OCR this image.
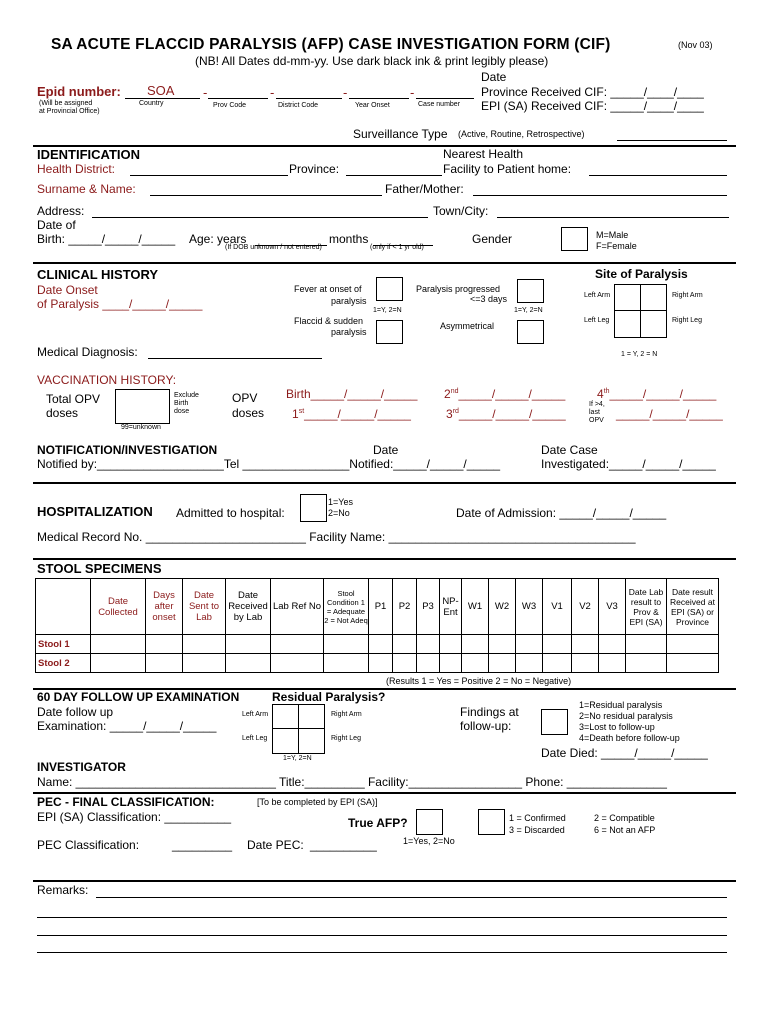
SA ACUTE FLACCID PARALYSIS (AFP) CASE INVESTIGATION FORM (CIF)	(Nov 03)
(NB! All Dates dd-mm-yy. Use dark black ink & print legibly please)
Epid number: SOA -	-	-	-
(Will be assigned
at Provincial Office)
Country	Prov Code	District Code	Year Onset	Case number
Date
Province Received CIF: _____/____/____
EPI (SA) Received CIF: _____/____/____
Surveillance Type (Active, Routine, Retrospective)
IDENTIFICATION	Nearest Health
Health District:	Province:	Facility to Patient home:
Surname & Name:	Father/Mother:
Address:	Town/City:
Date of
Birth: _____/_____/_____ Age: years	months
(If DOB unknown / not entered)	(only if < 1 yr old)
Gender	M=Male
F=Female
CLINICAL HISTORY
Date Onset
of Paralysis ____/_____/_____
Fever at onset of
paralysis
1=Y, 2=N
Paralysis progressed
<=3 days
1=Y, 2=N
Flaccid & sudden
paralysis
Asymmetrical
Site of Paralysis
Left Arm	Right Arm
Left Leg	Right Leg
1 = Y, 2 = N
Medical Diagnosis:
VACCINATION HISTORY:
Total OPV
doses
Exclude
Birth
dose
99=unknown
OPV
doses
Birth_____/_____/_____
1st_____/_____/_____
2nd_____/_____/_____
3rd_____/_____/_____
4th_____/_____/_____
If >4,
last
OPV _____/_____/_____
NOTIFICATION/INVESTIGATION	Date	Date Case
Notified by:___________________Tel ________________Notified:_____/_____/_____	Investigated:_____/_____/_____
HOSPITALIZATION Admitted to hospital:
1=Yes
2=No	Date of Admission: _____/_____/_____
Medical Record No. ________________________ Facility Name: _____________________________________
STOOL SPECIMENS
	Date Collected	Days after onset	Date Sent to Lab	Date Received by Lab	Lab Ref No	Stool Condition 1 = Adequate 2 = Not Adeq	P1	P2	P3	NP-Ent	W1	W2	W3	V1	V2	V3	Date Lab result to Prov & EPI (SA)	Date result Received at EPI (SA) or Province
Stool 1																		
Stool 2																		
(Results 1 = Yes = Positive 2 = No = Negative)
60 DAY FOLLOW UP EXAMINATION	Residual Paralysis?
Date follow up
Examination: _____/_____/_____
Left Arm	Right Arm
Left Leg	Right Leg
1=Y, 2=N
Findings at
follow-up:
1=Residual paralysis
2=No residual paralysis
3=Lost to follow-up
4=Death before follow-up
Date Died: _____/_____/_____
INVESTIGATOR
Name: ______________________________ Title:_________ Facility:_________________ Phone: _______________
PEC - FINAL CLASSIFICATION:	[To be completed by EPI (SA)]
EPI (SA) Classification: __________	True AFP?
1=Yes, 2=No
1 = Confirmed	2 = Compatible
3 = Discarded	6 = Not an AFP
PEC Classification:	_________ Date PEC: __________
Remarks:
